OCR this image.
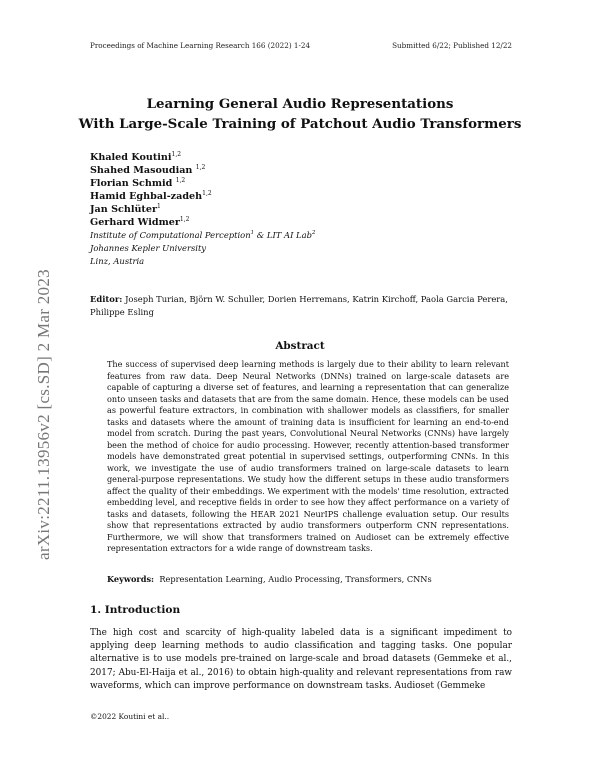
Proceedings of Machine Learning Research 166 (2022) 1-24	Submitted 6/22; Published 12/22
arXiv:2211.13956v2 [cs.SD] 2 Mar 2023
Learning General Audio Representations
With Large-Scale Training of Patchout Audio Transformers
Khaled Koutini$^{1,2}$
Shahed Masoudian $^{1,2}$
Florian Schmid $^{1,2}$
Hamid Eghbal-zadeh$^{1,2}$
Jan Schlüter$^1$
Gerhard Widmer$^{1,2}$
Institute of Computational Perception$^1$ & LIT AI Lab$^2$
Johannes Kepler University
Linz, Austria
Editor: Joseph Turian, Björn W. Schuller, Dorien Herremans, Katrin Kirchoff, Paola Garcia Perera, Philippe Esling
Abstract
The success of supervised deep learning methods is largely due to their ability to learn relevant features from raw data. Deep Neural Networks (DNNs) trained on large-scale datasets are capable of capturing a diverse set of features, and learning a representation that can generalize onto unseen tasks and datasets that are from the same domain. Hence, these models can be used as powerful feature extractors, in combination with shallower models as classifiers, for smaller tasks and datasets where the amount of training data is insufficient for learning an end-to-end model from scratch. During the past years, Convolutional Neural Networks (CNNs) have largely been the method of choice for audio processing. However, recently attention-based transformer models have demonstrated great potential in supervised settings, outperforming CNNs. In this work, we investigate the use of audio transformers trained on large-scale datasets to learn general-purpose representations. We study how the different setups in these audio transformers affect the quality of their embeddings. We experiment with the models' time resolution, extracted embedding level, and receptive fields in order to see how they affect performance on a variety of tasks and datasets, following the HEAR 2021 NeurIPS challenge evaluation setup. Our results show that representations extracted by audio transformers outperform CNN representations. Furthermore, we will show that transformers trained on Audioset can be extremely effective representation extractors for a wide range of downstream tasks.
Keywords: Representation Learning, Audio Processing, Transformers, CNNs
1. Introduction
The high cost and scarcity of high-quality labeled data is a significant impediment to applying deep learning methods to audio classification and tagging tasks. One popular alternative is to use models pre-trained on large-scale and broad datasets (Gemmeke et al., 2017; Abu-El-Haija et al., 2016) to obtain high-quality and relevant representations from raw waveforms, which can improve performance on downstream tasks. Audioset (Gemmeke
©2022 Koutini et al..
